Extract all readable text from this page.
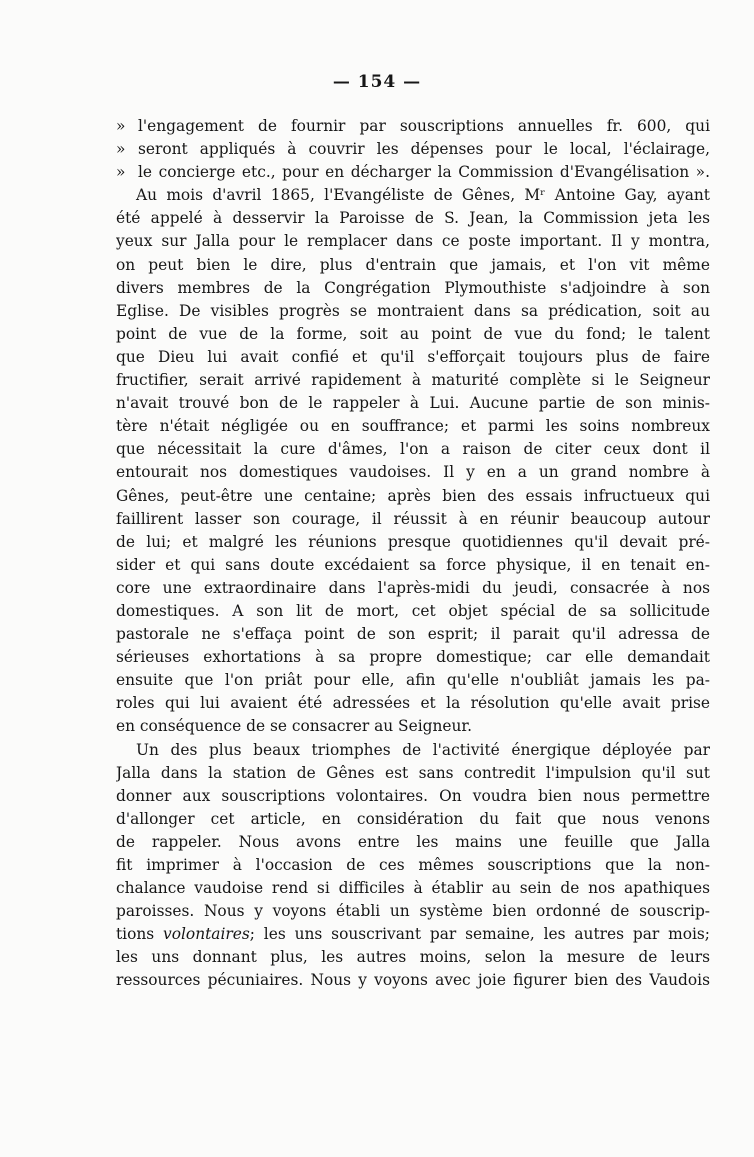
— 154 —
» l'engagement de fournir par souscriptions annuelles fr. 600, qui
» seront appliqués à couvrir les dépenses pour le local, l'éclairage,
» le concierge etc., pour en décharger la Commission d'Evangélisation ».
Au mois d'avril 1865, l'Evangéliste de Gênes, Mʳ Antoine Gay, ayant
été appelé à desservir la Paroisse de S. Jean, la Commission jeta les
yeux sur Jalla pour le remplacer dans ce poste important. Il y montra,
on peut bien le dire, plus d'entrain que jamais, et l'on vit même
divers membres de la Congrégation Plymouthiste s'adjoindre à son
Eglise. De visibles progrès se montraient dans sa prédication, soit au
point de vue de la forme, soit au point de vue du fond; le talent
que Dieu lui avait confié et qu'il s'efforçait toujours plus de faire
fructifier, serait arrivé rapidement à maturité complète si le Seigneur
n'avait trouvé bon de le rappeler à Lui. Aucune partie de son minis-
tère n'était négligée ou en souffrance; et parmi les soins nombreux
que nécessitait la cure d'âmes, l'on a raison de citer ceux dont il
entourait nos domestiques vaudoises. Il y en a un grand nombre à
Gênes, peut-être une centaine; après bien des essais infructueux qui
faillirent lasser son courage, il réussit à en réunir beaucoup autour
de lui; et malgré les réunions presque quotidiennes qu'il devait pré-
sider et qui sans doute excédaient sa force physique, il en tenait en-
core une extraordinaire dans l'après-midi du jeudi, consacrée à nos
domestiques. A son lit de mort, cet objet spécial de sa sollicitude
pastorale ne s'effaça point de son esprit; il parait qu'il adressa de
sérieuses exhortations à sa propre domestique; car elle demandait
ensuite que l'on priât pour elle, afin qu'elle n'oubliât jamais les pa-
roles qui lui avaient été adressées et la résolution qu'elle avait prise
en conséquence de se consacrer au Seigneur.
Un des plus beaux triomphes de l'activité énergique déployée par
Jalla dans la station de Gênes est sans contredit l'impulsion qu'il sut
donner aux souscriptions volontaires. On voudra bien nous permettre
d'allonger cet article, en considération du fait que nous venons
de rappeler. Nous avons entre les mains une feuille que Jalla
fit imprimer à l'occasion de ces mêmes souscriptions que la non-
chalance vaudoise rend si difficiles à établir au sein de nos apathiques
paroisses. Nous y voyons établi un système bien ordonné de souscrip-
tions volontaires; les uns souscrivant par semaine, les autres par mois;
les uns donnant plus, les autres moins, selon la mesure de leurs
ressources pécuniaires. Nous y voyons avec joie figurer bien des Vaudois
